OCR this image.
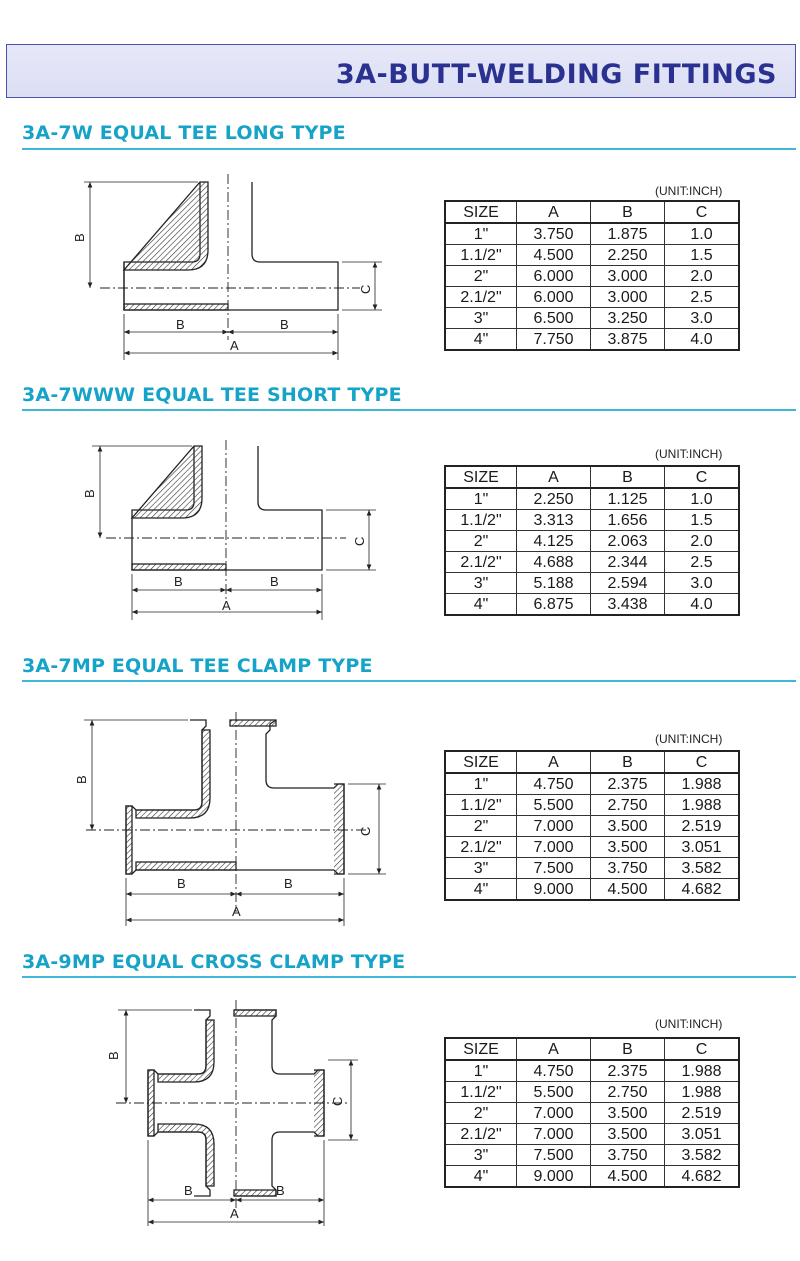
3A-BUTT-WELDING FITTINGS
3A-7W EQUAL TEE LONG TYPE
B
C
B	B
A
(UNIT:INCH)
SIZE	A	B	C
1"	3.750	1.875	1.0
1.1/2"	4.500	2.250	1.5
2"	6.000	3.000	2.0
2.1/2"	6.000	3.000	2.5
3"	6.500	3.250	3.0
4"	7.750	3.875	4.0
3A-7WWW EQUAL TEE SHORT TYPE
B
C
B	B
A
(UNIT:INCH)
SIZE	A	B	C
1"	2.250	1.125	1.0
1.1/2"	3.313	1.656	1.5
2"	4.125	2.063	2.0
2.1/2"	4.688	2.344	2.5
3"	5.188	2.594	3.0
4"	6.875	3.438	4.0
3A-7MP EQUAL TEE CLAMP TYPE
B
C
B	B
A
(UNIT:INCH)
SIZE	A	B	C
1"	4.750	2.375	1.988
1.1/2"	5.500	2.750	1.988
2"	7.000	3.500	2.519
2.1/2"	7.000	3.500	3.051
3"	7.500	3.750	3.582
4"	9.000	4.500	4.682
3A-9MP EQUAL CROSS CLAMP TYPE
B
C
B	B
A
(UNIT:INCH)
SIZE	A	B	C
1"	4.750	2.375	1.988
1.1/2"	5.500	2.750	1.988
2"	7.000	3.500	2.519
2.1/2"	7.000	3.500	3.051
3"	7.500	3.750	3.582
4"	9.000	4.500	4.682
